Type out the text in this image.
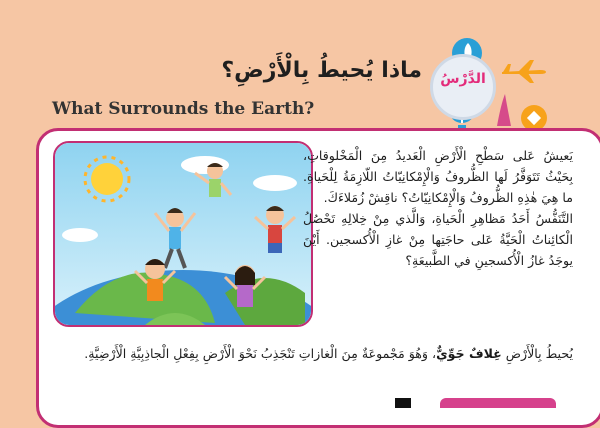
الدَّرْسُ
ماذا يُحيطُ بِالْأَرْضِ؟
What Surrounds the Earth?

يَعيشُ عَلى سَطْحِ الْأَرْضِ الْعَديدُ مِنَ الْمَخْلوقاتِ، بِحَيْثُ تَتَوَفَّرُ لَها الظُّروفُ وَالْإِمْكانِيّاتُ اللّازِمَةُ لِلْحَياةِ. ما هِيَ هٰذِهِ الظُّروفُ وَالْإِمْكانِيّاتُ؟ ناقِشْ زُمَلاءَكَ.

التَّنَفُّسُ أَحَدُ مَظاهِرِ الْحَياةِ، وَالَّذي مِنْ خِلالِهِ تَحْصُلُ الْكائِناتُ الْحَيَّةُ عَلى حاجَتِها مِنْ غازِ الْأُكسجين. أَيْنَ يوجَدُ غازُ الْأُكسجينِ في الطَّبيعَةِ؟

يُحيطُ بِالْأَرْضِ غِلافٌ جَوِّيٌّ، وَهُوَ مَجْموعَةٌ مِنَ الْغازاتِ تَنْجَذِبُ نَحْوَ الْأَرْضِ بِفِعْلِ الْجاذِبِيَّةِ الْأَرْضِيَّةِ.
